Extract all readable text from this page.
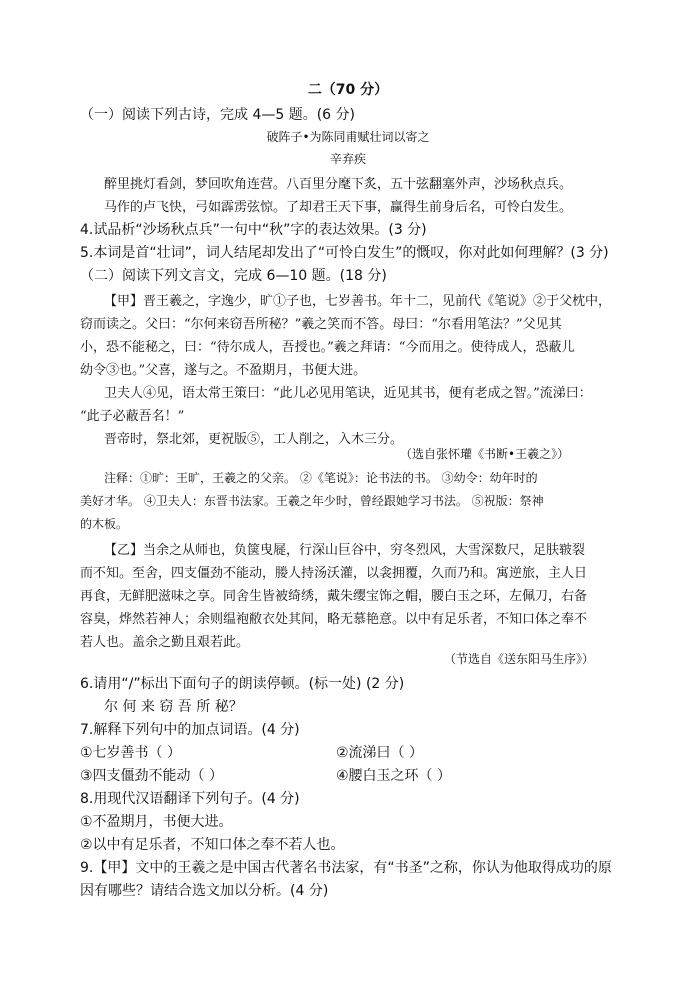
二（70 分）
（一）阅读下列古诗，完成 4—5 题。(6 分)
破阵子•为陈同甫赋壮词以寄之
辛弃疾
醉里挑灯看剑，梦回吹角连营。八百里分麾下炙，五十弦翻塞外声，沙场秋点兵。
马作的卢飞快，弓如霹雳弦惊。了却君王天下事，赢得生前身后名，可怜白发生。
4.试品析“沙场秋点兵”一句中“秋”字的表达效果。(3 分)
5.本词是首“壮词”，词人结尾却发出了“可怜白发生”的慨叹，你对此如何理解？(3 分)
（二）阅读下列文言文，完成 6—10 题。(18 分)
【甲】晋王羲之，字逸少，旷①子也，七岁善书。年十二，见前代《笔说》②于父枕中，
窃而读之。父曰：“尔何来窃吾所秘？”羲之笑而不答。母曰：“尔看用笔法？”父见其
小，恐不能秘之，曰：“待尔成人，吾授也。”羲之拜请：“今而用之。使待成人，恐蔽儿
幼令③也。”父喜，遂与之。不盈期月，书便大进。
卫夫人④见，语太常王策曰：“此儿必见用笔诀，近见其书，便有老成之智。”流涕曰：
“此子必蔽吾名！”
晋帝时，祭北郊，更祝版⑤，工人削之，入木三分。
（选自张怀瓘《书断•王羲之》）
注释：①旷：王旷，王羲之的父亲。 ②《笔说》：论书法的书。 ③幼令：幼年时的
美好才华。 ④卫夫人：东晋书法家。王羲之年少时，曾经跟她学习书法。 ⑤祝版：祭神
的木板。
【乙】当余之从师也，负箧曳屣，行深山巨谷中，穷冬烈风，大雪深数尺，足肤皲裂
而不知。至舍，四支僵劲不能动，媵人持汤沃灌，以衾拥覆，久而乃和。寓逆旅，主人日
再食，无鲜肥滋味之享。同舍生皆被绮绣，戴朱缨宝饰之帽，腰白玉之环，左佩刀，右备
容臭，烨然若神人；余则缊袍敝衣处其间，略无慕艳意。以中有足乐者，不知口体之奉不
若人也。盖余之勤且艰若此。
（节选自《送东阳马生序》）
6.请用“/”标出下面句子的朗读停顿。(标一处) (2 分)
尔 何 来 窃 吾 所 秘？
7.解释下列句中的加点词语。(4 分)
①七岁善书（ ）	②流涕曰（ ）
③四支僵劲不能动（ ）	④腰白玉之环（ ）
8.用现代汉语翻译下列句子。(4 分)
①不盈期月，书便大进。
②以中有足乐者，不知口体之奉不若人也。
9.【甲】文中的王羲之是中国古代著名书法家，有“书圣”之称，你认为他取得成功的原
因有哪些？请结合选文加以分析。(4 分)
